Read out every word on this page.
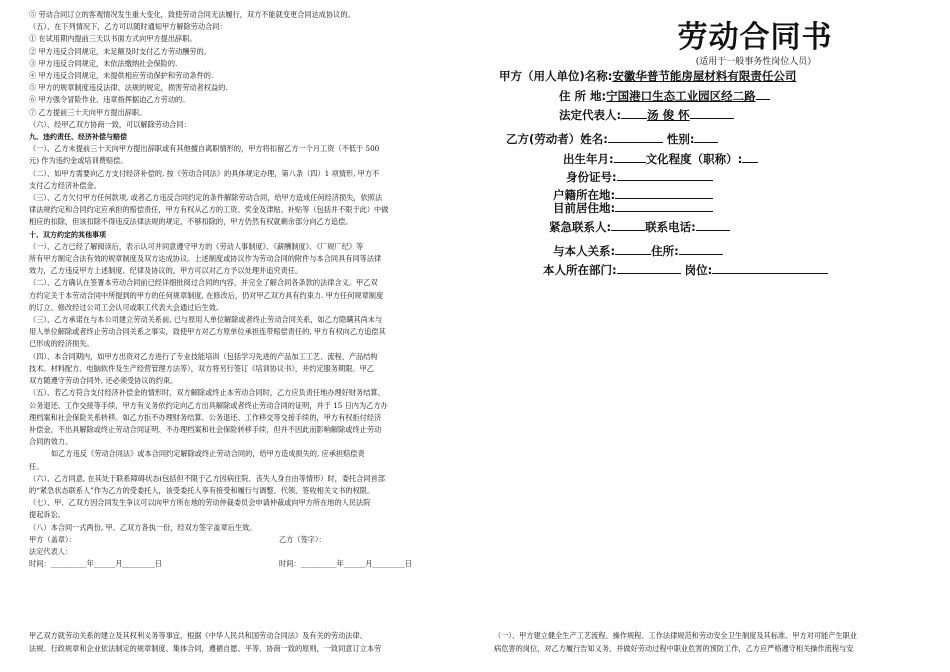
⑤ 劳动合同订立的客观情况发生重大变化，致使劳动合同无法履行，双方不能就变更合同达成协议的。
（五）、在下列情况下，乙方可以随时通知甲方解除劳动合同：
① 在试用期内提前三天以书面方式向甲方提出辞职。
② 甲方违反合同规定，未足额及时支付乙方劳动酬劳的。
③ 甲方违反合同规定，未依法缴纳社会保险的.
④ 甲方违反合同规定，未提供相应劳动保护和劳动条件的.
⑤ 甲方的规章制度违反法律、法规的规定，损害劳动者权益的.
⑥ 甲方强令冒险作业、违章指挥据迫乙方劳动的。
⑦ 乙方提前三十天向甲方提出辞职。
（六）、经甲乙双方协商一致，可以解除劳动合同：
九、违约责任、经济补偿与赔偿
（一）、乙方未提前三十天向甲方提出辞职或有其他擅自离职情形的，甲方将扣留乙方一个月工资（不低于 500
元) 作为违约金或培训费赔偿。
（二）、如甲方需要向乙方支付经济补偿的, 按《劳动合同法》的具体规定办理，第八条（四）1 项情形, 甲方不
支付乙方经济补偿金。
（三）、乙方欠付甲方任何款项, 或者乙方违反合同约定的条件解除劳动合同，给甲方造成任何经济损失，依照法
律法规约定和合同约定应承担的赔偿责任，甲方有权从乙方的工资、奖金及津贴、补贴等（包括并不限于此）中做
相应的扣除，但该扣除不得违反法律法规的规定，不够扣除的，甲方仍然有权就剩余部分向乙方追偿。
十、双方约定的其他事项
（一）、乙方已经了解阅读后，表示认可并同意遵守甲方的《劳动人事制度》、《薪酬制度》、《厂规厂纪》等
所有甲方制定合法有效的规章制度及双方达成协议。上述制度或协议作为劳动合同的附件与本合同具有同等法律
效力，乙方违反甲方上述制度、纪律及协议的，甲方可以对乙方予以处理并追究责任。
（二）、乙方确认在签署本劳动合同前已经详细批阅过合同的内容，并完全了解合同各条款的法律含义。甲乙双
方约定关于本劳动合同中所提到的甲方的任何规章制度, 在修改后，仍对甲乙双方具有约束力. 甲方任何规章制度
的订立、修改经过公司工会认可或职工代表大会通过后生效。
（三）、乙方承诺在与本公司建立劳动关系前, 已与原用人单位解除或者终止劳动合同关系，如乙方隐瞒其尚未与
用人单位解除或者终止劳动合同关系之事实，致使甲方对乙方原单位承担连带赔偿责任的, 甲方有权向乙方追偿其
已形成的经济损失。
（四）、本合同期内，如甲方出资对乙方进行了专业技能培训（包括学习先进的产品加工工艺、流程、产品结构
技术、材料配方、电脑软件及生产经营管理方法等），双方将另行签订《培训协议书》，并约定服务期限。甲乙
双方随遵守劳动合同外, 还必须受协议的约束。
（五）、若乙方符合支付经济补偿金的情形时，双方解除或终止本劳动合同时，乙方应负责任地办理好财务结算、
公务退还、工作交接等手续，甲方有义务依约定向乙方出具解除或者终止劳动合同的证明，并于 15 日内为乙方办
理档案和社会保险关系转移。如乙方拒不办理财务结算、公务退还、工作移交等交接手续的，甲方有权拒付经济
补偿金，不出具解除或终止劳动合同证明、不办理档案和社会保险转移手续，但并不因此而影响解除或终止劳动
合同的效力。
如乙方违反《劳动合同法》或本合同约定解除或终止劳动合同的，给甲方造成损失的, 应承担赔偿责
任。
（六）、乙方同意, 在其处于联系障碍状态(包括但不限于乙方因病住院、丧失人身自由等情形）时，委托合同首部
的“紧急状态联系人”作为乙方的受委托人，该受委托人享有接受和履行与调整、代领、签收相关文书的权限。
（七）、甲、乙双方因合同发生争议可以向甲方所在地的劳动仲裁委员会申请仲裁或向甲方所在地的人民法院
提起诉讼。
（八）本合同一式两份, 甲、乙双方各执一份，经双方签字盖章后生效。
甲方（盖章）：	乙方（签字）：
法定代表人：
时间：__________年______月_________日	时间：__________年______月_________日
劳动合同书
(适用于一般事务性岗位人员）
甲方（用人单位)名称:安徽华普节能房屋材料有限责任公司
住 所 地:宁国港口生态工业园区经二路
法定代表人: 汤 俊 怀
乙方(劳动者）姓名:	性别:
出生年月:	文化程度（职称）:
身份证号:
户籍所在地:
目前居住地:
紧急联系人:	联系电话:
与本人关系:	住所:
本人所在部门:	岗位:
甲乙双方就劳动关系的建立及其权利义务等事宜，根据《中华人民共和国劳动合同法》及有关的劳动法律、
法规、行政规章和企业依法制定的规章制度、集体合同，遵循自愿、平等、协商一致的原则，一致同意订立本劳
（一）、甲方建立健全生产工艺流程、操作规程、工作法律规范和劳动安全卫生制度及其标准。甲方对可能产生职业
病危害的岗位，对乙方履行告知义务，并做好劳动过程中职业危害的预防工作，乙方应严格遵守相关操作流程与安
